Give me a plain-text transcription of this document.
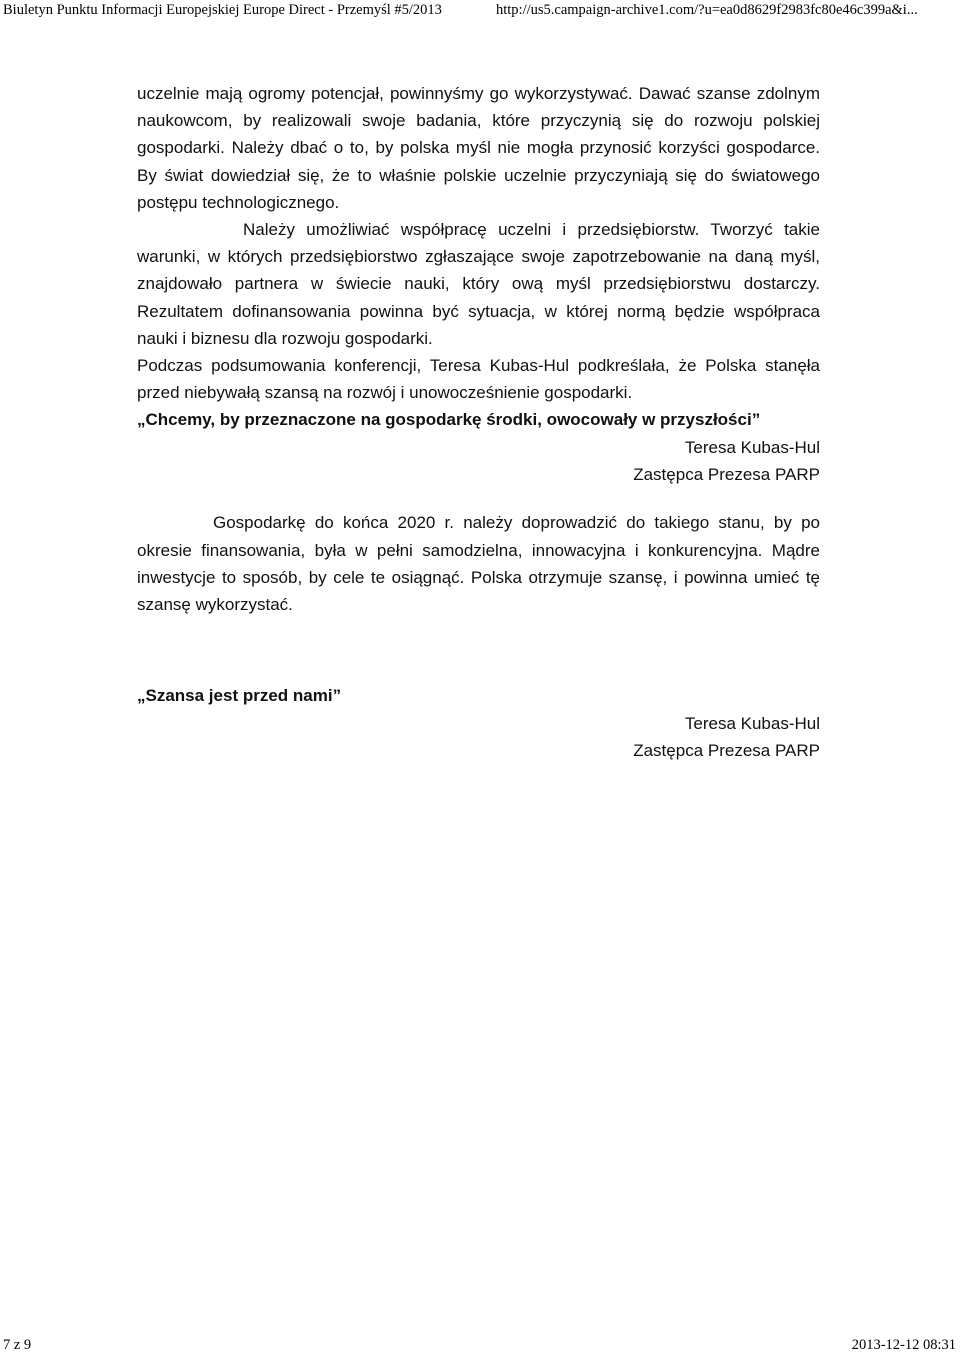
Biuletyn Punktu Informacji Europejskiej Europe Direct - Przemyśl #5/2013	http://us5.campaign-archive1.com/?u=ea0d8629f2983fc80e46c399a&i...

uczelnie mają ogromy potencjał, powinnyśmy go wykorzystywać. Dawać szanse zdolnym naukowcom, by realizowali swoje badania, które przyczynią się do rozwoju polskiej gospodarki. Należy dbać o to, by polska myśl nie mogła przynosić korzyści gospodarce. By świat dowiedział się, że to właśnie polskie uczelnie przyczyniają się do światowego postępu technologicznego.

Należy umożliwiać współpracę uczelni i przedsiębiorstw. Tworzyć takie warunki, w których przedsiębiorstwo zgłaszające swoje zapotrzebowanie na daną myśl, znajdowało partnera w świecie nauki, który ową myśl przedsiębiorstwu dostarczy. Rezultatem dofinansowania powinna być sytuacja, w której normą będzie współpraca nauki i biznesu dla rozwoju gospodarki.

Podczas podsumowania konferencji, Teresa Kubas-Hul podkreślała, że Polska stanęła przed niebywałą szansą na rozwój i unowocześnienie gospodarki.

„Chcemy, by przeznaczone na gospodarkę środki, owocowały w przyszłości”

Teresa Kubas-Hul
Zastępca Prezesa PARP

Gospodarkę do końca 2020 r. należy doprowadzić do takiego stanu, by po okresie finansowania, była w pełni samodzielna, innowacyjna i konkurencyjna. Mądre inwestycje to sposób, by cele te osiągnąć. Polska otrzymuje szansę, i powinna umieć tę szansę wykorzystać.

„Szansa jest przed nami”

Teresa Kubas-Hul
Zastępca Prezesa PARP
7 z 9	2013-12-12 08:31
